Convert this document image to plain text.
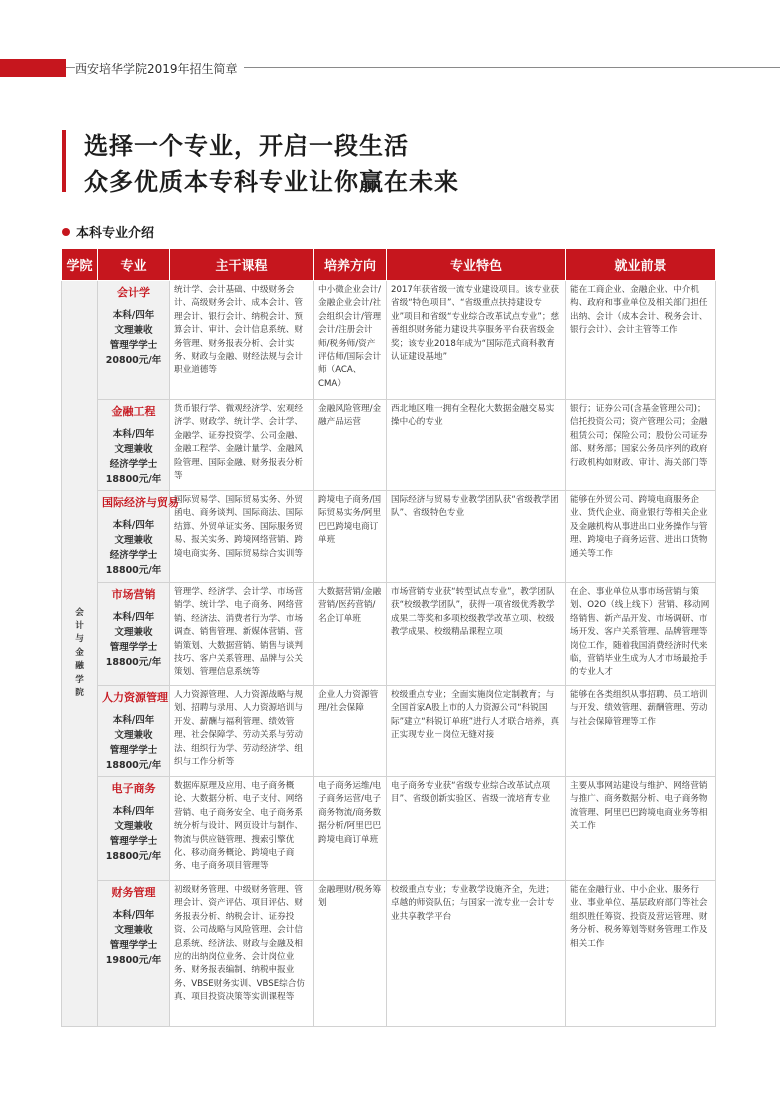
西安培华学院2019年招生简章
选择一个专业，开启一段生活
众多优质本专科专业让你赢在未来
本科专业介绍
学院	专业	主干课程	培养方向	专业特色	就业前景

会计与金融学院	会计学
本科/四年
文理兼收
管理学学士
20800元/年	统计学、会计基础、中级财务会计、高级财务会计、成本会计、管理会计、银行会计、纳税会计、预算会计、审计、会计信息系统、财务管理、财务报表分析、会计实务、财政与金融、财经法规与会计职业道德等	中小微企业会计/金融企业会计/社会组织会计/管理会计/注册会计师/税务师/资产评估师/国际会计师（ACA、CMA）	2017年获省级一流专业建设项目。该专业获省级“特色项目”、“省级重点扶持建设专业”项目和省级“专业综合改革试点专业”；慈善组织财务能力建设共享服务平台获省级金奖；该专业2018年成为“国际范式商科教育认证建设基地”	能在工商企业、金融企业、中介机构、政府和事业单位及相关部门担任出纳、会计（成本会计、税务会计、银行会计）、会计主管等工作

	金融工程
本科/四年
文理兼收
经济学学士
18800元/年	货币银行学、微观经济学、宏观经济学、财政学、统计学、会计学、金融学、证券投资学、公司金融、金融工程学、金融计量学、金融风险管理、国际金融、财务报表分析等	金融风险管理/金融产品运营	西北地区唯一拥有全程化大数据金融交易实操中心的专业	银行；证券公司(含基金管理公司)；信托投资公司；资产管理公司；金融租赁公司；保险公司；股份公司证券部、财务部；国家公务员序列的政府行政机构如财政、审计、海关部门等

	国际经济与贸易
本科/四年
文理兼收
经济学学士
18800元/年	国际贸易学、国际贸易实务、外贸函电、商务谈判、国际商法、国际结算、外贸单证实务、国际服务贸易、报关实务、跨境网络营销、跨境电商实务、国际贸易综合实训等	跨境电子商务/国际贸易实务/阿里巴巴跨境电商订单班	国际经济与贸易专业教学团队获“省级教学团队”、省级特色专业	能够在外贸公司、跨境电商服务企业、货代企业、商业银行等相关企业及金融机构从事进出口业务操作与管理、跨境电子商务运营、进出口货物通关等工作

	市场营销
本科/四年
文理兼收
管理学学士
18800元/年	管理学、经济学、会计学、市场营销学、统计学、电子商务、网络营销、经济法、消费者行为学、市场调查、销售管理、新媒体营销、营销策划、大数据营销、销售与谈判技巧、客户关系管理、品牌与公关策划、管理信息系统等	大数据营销/金融营销/医药营销/名企订单班	市场营销专业获“转型试点专业”，教学团队获“校级教学团队”，获得一项省级优秀教学成果二等奖和多项校级教学改革立项、校级教学成果、校级精品课程立项	在企、事业单位从事市场营销与策划、O2O（线上线下）营销、移动网络销售、新产品开发、市场调研、市场开发、客户关系管理、品牌管理等岗位工作，随着我国消费经济时代来临，营销毕业生成为人才市场最抢手的专业人才

	人力资源管理
本科/四年
文理兼收
管理学学士
18800元/年	人力资源管理、人力资源战略与规划、招聘与录用、人力资源培训与开发、薪酬与福利管理、绩效管理、社会保障学、劳动关系与劳动法、组织行为学、劳动经济学、组织与工作分析等	企业人力资源管理/社会保障	校级重点专业；全面实施岗位定制教育；与全国首家A股上市的人力资源公司“科锐国际”建立“科锐订单班”进行人才联合培养，真正实现专业－岗位无缝对接	能够在各类组织从事招聘、员工培训与开发、绩效管理、薪酬管理、劳动与社会保障管理等工作

	电子商务
本科/四年
文理兼收
管理学学士
18800元/年	数据库原理及应用、电子商务概论、大数据分析、电子支付、网络营销、电子商务安全、电子商务系统分析与设计、网页设计与制作、物流与供应链管理、搜索引擎优化、移动商务概论、跨境电子商务、电子商务项目管理等	电子商务运维/电子商务运营/电子商务物流/商务数据分析/阿里巴巴跨境电商订单班	电子商务专业获“省级专业综合改革试点项目”、省级创新实验区、省级一流培育专业	主要从事网站建设与维护、网络营销与推广、商务数据分析、电子商务物流管理、阿里巴巴跨境电商业务等相关工作

	财务管理
本科/四年
文理兼收
管理学学士
19800元/年	初级财务管理、中级财务管理、管理会计、资产评估、项目评估、财务报表分析、纳税会计、证券投资、公司战略与风险管理、会计信息系统、经济法、财政与金融及相应的出纳岗位业务、会计岗位业务、财务报表编制、纳税申报业务、VBSE财务实训、VBSE综合仿真、项目投资决策等实训课程等	金融理财/税务筹划	校级重点专业；专业教学设施齐全，先进；卓越的师资队伍；与国家一流专业一会计专业共享教学平台	能在金融行业、中小企业、服务行业、事业单位、基层政府部门等社会组织胜任筹资、投资及营运管理、财务分析、税务筹划等财务管理工作及相关工作
